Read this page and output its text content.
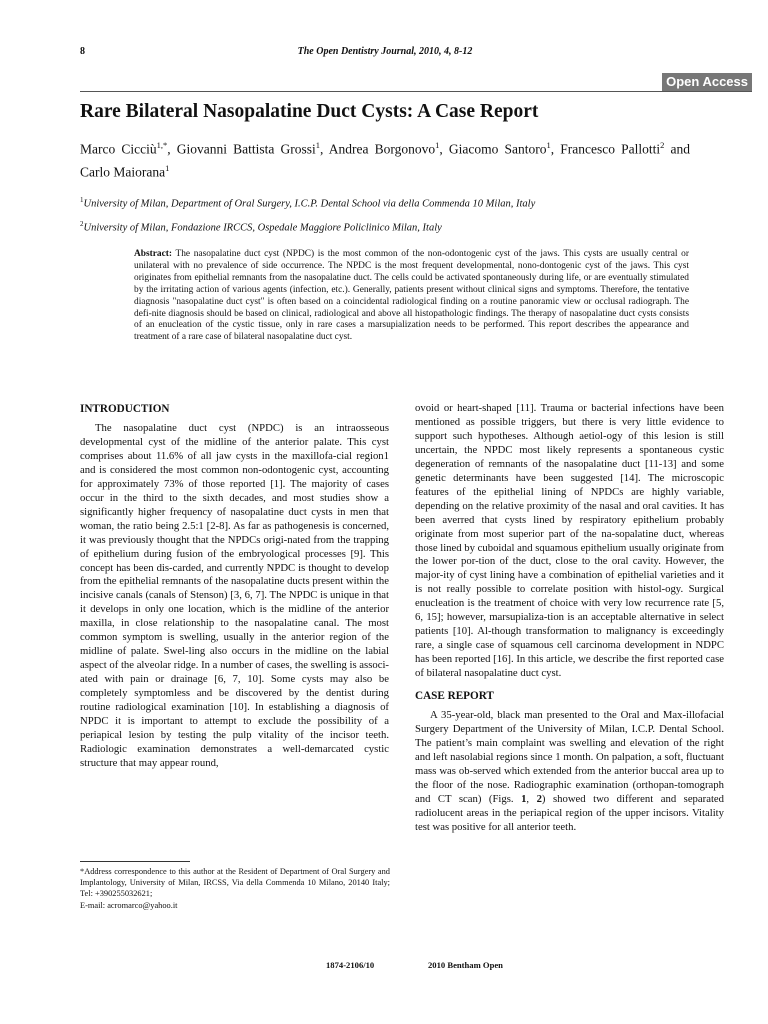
8	The Open Dentistry Journal, 2010, 4, 8-12
Open Access
Rare Bilateral Nasopalatine Duct Cysts: A Case Report
Marco Cicciù$^{1,*}$, Giovanni Battista Grossi$^1$, Andrea Borgonovo$^1$, Giacomo Santoro$^1$, Francesco Pallotti$^2$ and Carlo Maiorana$^1$
$^1$University of Milan, Department of Oral Surgery, I.C.P. Dental School via della Commenda 10 Milan, Italy
$^2$University of Milan, Fondazione IRCCS, Ospedale Maggiore Policlinico Milan, Italy
Abstract: The nasopalatine duct cyst (NPDC) is the most common of the non-odontogenic cyst of the jaws. This cysts are usually central or unilateral with no prevalence of side occurrence. The NPDC is the most frequent developmental, nono-dontogenic cyst of the jaws. This cyst originates from epithelial remnants from the nasopalatine duct. The cells could be activated spontaneously during life, or are eventually stimulated by the irritating action of various agents (infection, etc.). Generally, patients present without clinical signs and symptoms. Therefore, the tentative diagnosis "nasopalatine duct cyst" is often based on a coincidental radiological finding on a routine panoramic view or occlusal radiograph. The defi-nite diagnosis should be based on clinical, radiological and above all histopathologic findings. The therapy of nasopalatine duct cysts consists of an enucleation of the cystic tissue, only in rare cases a marsupialization needs to be performed. This report describes the appearance and treatment of a rare case of bilateral nasopalatine duct cyst.
INTRODUCTION

The nasopalatine duct cyst (NPDC) is an intraosseous developmental cyst of the midline of the anterior palate. This cyst comprises about 11.6% of all jaw cysts in the maxillofa-cial region1 and is considered the most common non-odontogenic cyst, accounting for approximately 73% of those reported [1]. The majority of cases occur in the third to the sixth decades, and most studies show a significantly higher frequency of nasopalatine duct cysts in men that woman, the ratio being 2.5:1 [2-8]. As far as pathogenesis is concerned, it was previously thought that the NPDCs origi-nated from the trapping of epithelium during fusion of the embryological processes [9]. This concept has been dis-carded, and currently NPDC is thought to develop from the epithelial remnants of the nasopalatine ducts present within the incisive canals (canals of Stenson) [3, 6, 7]. The NPDC is unique in that it develops in only one location, which is the midline of the anterior maxilla, in close relationship to the nasopalatine canal. The most common symptom is swelling, usually in the anterior region of the midline of palate. Swel-ling also occurs in the midline on the labial aspect of the alveolar ridge. In a number of cases, the swelling is associ-ated with pain or drainage [6, 7, 10]. Some cysts may also be completely symptomless and be discovered by the dentist during routine radiological examination [10]. In establishing a diagnosis of NPDC it is important to attempt to exclude the possibility of a periapical lesion by testing the pulp vitality of the incisor teeth. Radiologic examination demonstrates a well-demarcated cystic structure that may appear round,

ovoid or heart-shaped [11]. Trauma or bacterial infections have been mentioned as possible triggers, but there is very little evidence to support such hypotheses. Although aetiol-ogy of this lesion is still uncertain, the NPDC most likely represents a spontaneous cystic degeneration of remnants of the nasopalatine duct [11-13] and some genetic determinants have been suggested [14]. The microscopic features of the epithelial lining of NPDCs are highly variable, depending on the relative proximity of the nasal and oral cavities. It has been averred that cysts lined by respiratory epithelium probably originate from most superior part of the na-sopalatine duct, whereas those lined by cuboidal and squamous epithelium usually originate from the lower por-tion of the duct, close to the oral cavity. However, the major-ity of cyst lining have a combination of epithelial varieties and it is not really possible to correlate position with histol-ogy. Surgical enucleation is the treatment of choice with very low recurrence rate [5, 6, 15]; however, marsupializa-tion is an acceptable alternative in select patients [10]. Al-though transformation to malignancy is exceedingly rare, a single case of squamous cell carcinoma development in NDPC has been reported [16]. In this article, we describe the first reported case of bilateral nasopalatine duct cyst.

CASE REPORT

A 35-year-old, black man presented to the Oral and Max-illofacial Surgery Department of the University of Milan, I.C.P. Dental School. The patient’s main complaint was swelling and elevation of the right and left nasolabial regions since 1 month. On palpation, a soft, fluctuant mass was ob-served which extended from the anterior buccal area up to the floor of the nose. Radiographic examination (orthopan-tomograph and CT scan) (Figs. 1, 2) showed two different and separated radiolucent areas in the periapical region of the upper incisors. Vitality test was positive for all anterior teeth.

*Address correspondence to this author at the Resident of Department of Oral Surgery and Implantology, University of Milan, IRCSS, Via della Commenda 10 Milano, 20140 Italy; Tel: +390255032621;
E-mail: acromarco@yahoo.it
1874-2106/10	2010 Bentham Open
